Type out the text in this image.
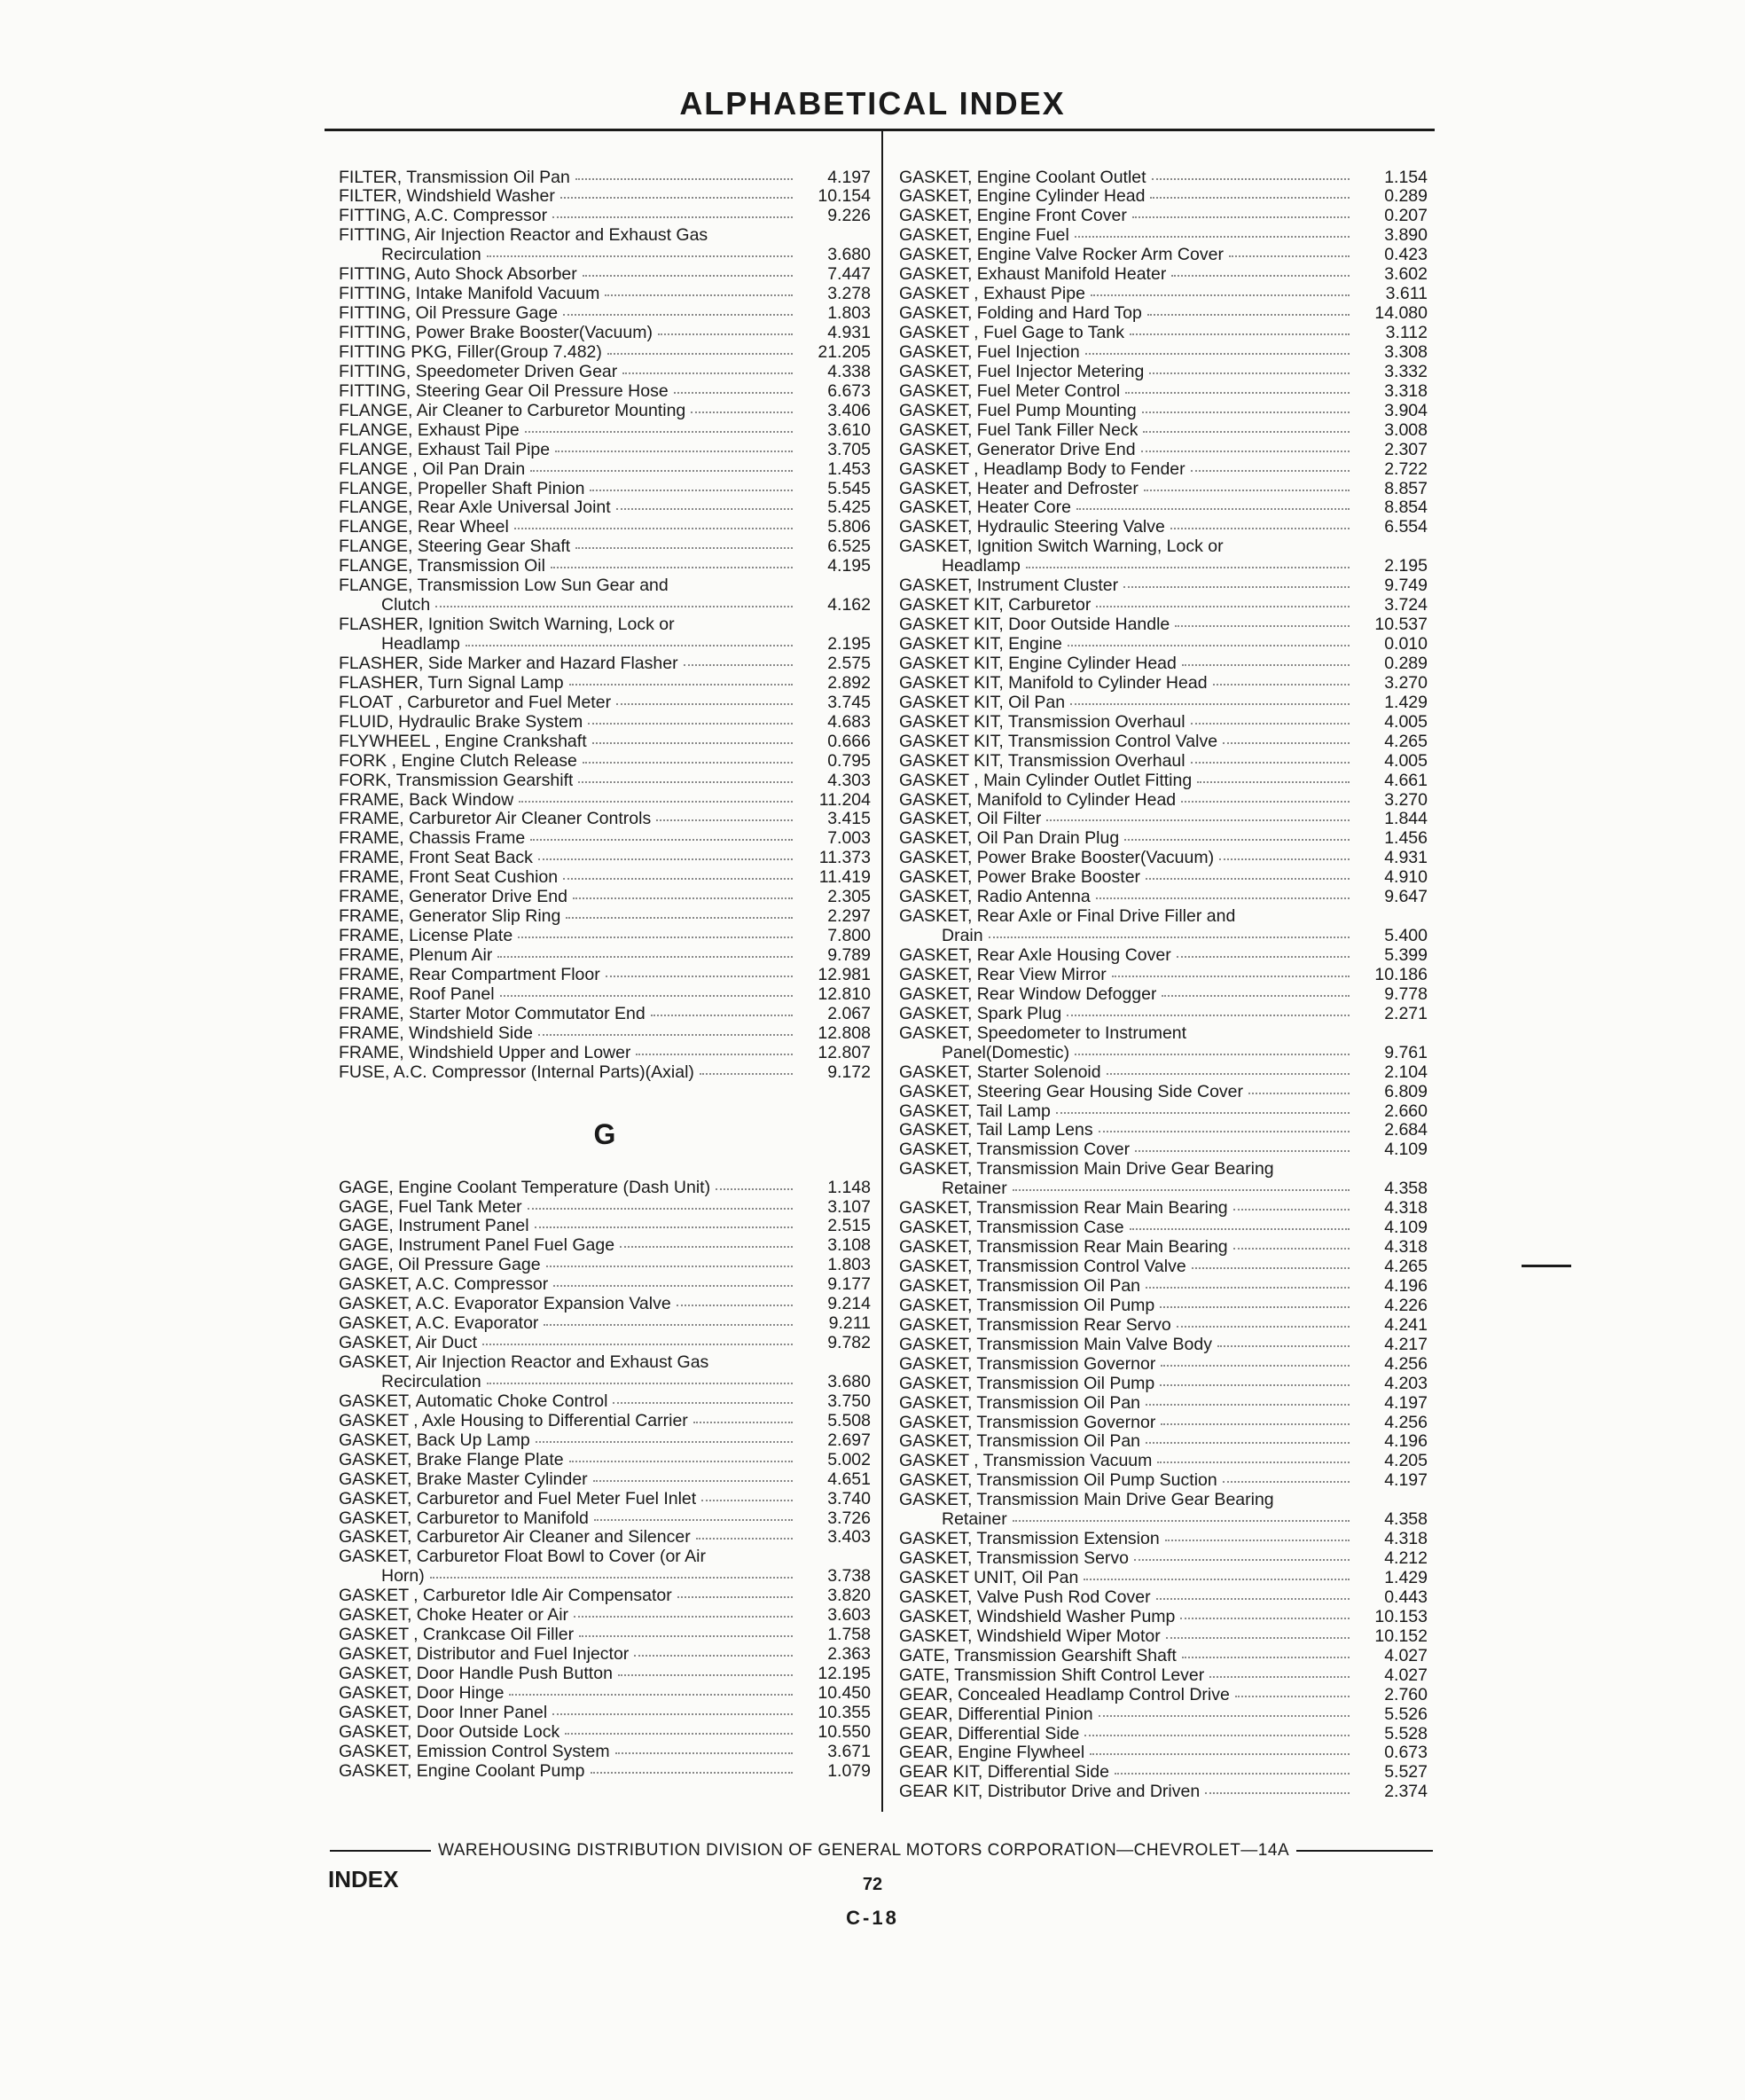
ALPHABETICAL INDEX
FILTER, Transmission Oil Pan	4.197
FILTER, Windshield Washer	10.154
FITTING, A.C. Compressor	9.226
FITTING, Air Injection Reactor and Exhaust Gas
Recirculation	3.680
FITTING, Auto Shock Absorber	7.447
FITTING, Intake Manifold Vacuum	3.278
FITTING, Oil Pressure Gage	1.803
FITTING, Power Brake Booster(Vacuum)	4.931
FITTING PKG, Filler(Group 7.482)	21.205
FITTING, Speedometer Driven Gear	4.338
FITTING, Steering Gear Oil Pressure Hose	6.673
FLANGE, Air Cleaner to Carburetor Mounting	3.406
FLANGE, Exhaust Pipe	3.610
FLANGE, Exhaust Tail Pipe	3.705
FLANGE , Oil Pan Drain	1.453
FLANGE, Propeller Shaft Pinion	5.545
FLANGE, Rear Axle Universal Joint	5.425
FLANGE, Rear Wheel	5.806
FLANGE, Steering Gear Shaft	6.525
FLANGE, Transmission Oil	4.195
FLANGE, Transmission Low Sun Gear and
Clutch	4.162
FLASHER, Ignition Switch Warning, Lock or
Headlamp	2.195
FLASHER, Side Marker and Hazard Flasher	2.575
FLASHER, Turn Signal Lamp	2.892
FLOAT , Carburetor and Fuel Meter	3.745
FLUID, Hydraulic Brake System	4.683
FLYWHEEL , Engine Crankshaft	0.666
FORK , Engine Clutch Release	0.795
FORK, Transmission Gearshift	4.303
FRAME, Back Window	11.204
FRAME, Carburetor Air Cleaner Controls	3.415
FRAME, Chassis Frame	7.003
FRAME, Front Seat Back	11.373
FRAME, Front Seat Cushion	11.419
FRAME, Generator Drive End	2.305
FRAME, Generator Slip Ring	2.297
FRAME, License Plate	7.800
FRAME, Plenum Air	9.789
FRAME, Rear Compartment Floor	12.981
FRAME, Roof Panel	12.810
FRAME, Starter Motor Commutator End	2.067
FRAME, Windshield Side	12.808
FRAME, Windshield Upper and Lower	12.807
FUSE, A.C. Compressor (Internal Parts)(Axial)	9.172
G
GAGE, Engine Coolant Temperature (Dash Unit)	1.148
GAGE, Fuel Tank Meter	3.107
GAGE, Instrument Panel	2.515
GAGE, Instrument Panel Fuel Gage	3.108
GAGE, Oil Pressure Gage	1.803
GASKET, A.C. Compressor	9.177
GASKET, A.C. Evaporator Expansion Valve	9.214
GASKET, A.C. Evaporator	9.211
GASKET, Air Duct	9.782
GASKET, Air Injection Reactor and Exhaust Gas
Recirculation	3.680
GASKET, Automatic Choke Control	3.750
GASKET , Axle Housing to Differential Carrier	5.508
GASKET, Back Up Lamp	2.697
GASKET, Brake Flange Plate	5.002
GASKET, Brake Master Cylinder	4.651
GASKET, Carburetor and Fuel Meter Fuel Inlet	3.740
GASKET, Carburetor to Manifold	3.726
GASKET, Carburetor Air Cleaner and Silencer	3.403
GASKET, Carburetor Float Bowl to Cover (or Air
Horn)	3.738
GASKET , Carburetor Idle Air Compensator	3.820
GASKET, Choke Heater or Air	3.603
GASKET , Crankcase Oil Filler	1.758
GASKET, Distributor and Fuel Injector	2.363
GASKET, Door Handle Push Button	12.195
GASKET, Door Hinge	10.450
GASKET, Door Inner Panel	10.355
GASKET, Door Outside Lock	10.550
GASKET, Emission Control System	3.671
GASKET, Engine Coolant Pump	1.079
GASKET, Engine Coolant Outlet	1.154
GASKET, Engine Cylinder Head	0.289
GASKET, Engine Front Cover	0.207
GASKET, Engine Fuel	3.890
GASKET, Engine Valve Rocker Arm Cover	0.423
GASKET, Exhaust Manifold Heater	3.602
GASKET , Exhaust Pipe	3.611
GASKET, Folding and Hard Top	14.080
GASKET , Fuel Gage to Tank	3.112
GASKET, Fuel Injection	3.308
GASKET, Fuel Injector Metering	3.332
GASKET, Fuel Meter Control	3.318
GASKET, Fuel Pump Mounting	3.904
GASKET, Fuel Tank Filler Neck	3.008
GASKET, Generator Drive End	2.307
GASKET , Headlamp Body to Fender	2.722
GASKET, Heater and Defroster	8.857
GASKET, Heater Core	8.854
GASKET, Hydraulic Steering Valve	6.554
GASKET, Ignition Switch Warning, Lock or
Headlamp	2.195
GASKET, Instrument Cluster	9.749
GASKET KIT, Carburetor	3.724
GASKET KIT, Door Outside Handle	10.537
GASKET KIT, Engine	0.010
GASKET KIT, Engine Cylinder Head	0.289
GASKET KIT, Manifold to Cylinder Head	3.270
GASKET KIT, Oil Pan	1.429
GASKET KIT, Transmission Overhaul	4.005
GASKET KIT, Transmission Control Valve	4.265
GASKET KIT, Transmission Overhaul	4.005
GASKET , Main Cylinder Outlet Fitting	4.661
GASKET, Manifold to Cylinder Head	3.270
GASKET, Oil Filter	1.844
GASKET, Oil Pan Drain Plug	1.456
GASKET, Power Brake Booster(Vacuum)	4.931
GASKET, Power Brake Booster	4.910
GASKET, Radio Antenna	9.647
GASKET, Rear Axle or Final Drive Filler and
Drain	5.400
GASKET, Rear Axle Housing Cover	5.399
GASKET, Rear View Mirror	10.186
GASKET, Rear Window Defogger	9.778
GASKET, Spark Plug	2.271
GASKET, Speedometer to Instrument
Panel(Domestic)	9.761
GASKET, Starter Solenoid	2.104
GASKET, Steering Gear Housing Side Cover	6.809
GASKET, Tail Lamp	2.660
GASKET, Tail Lamp Lens	2.684
GASKET, Transmission Cover	4.109
GASKET, Transmission Main Drive Gear Bearing
Retainer	4.358
GASKET, Transmission Rear Main Bearing	4.318
GASKET, Transmission Case	4.109
GASKET, Transmission Rear Main Bearing	4.318
GASKET, Transmission Control Valve	4.265
GASKET, Transmission Oil Pan	4.196
GASKET, Transmission Oil Pump	4.226
GASKET, Transmission Rear Servo	4.241
GASKET, Transmission Main Valve Body	4.217
GASKET, Transmission Governor	4.256
GASKET, Transmission Oil Pump	4.203
GASKET, Transmission Oil Pan	4.197
GASKET, Transmission Governor	4.256
GASKET, Transmission Oil Pan	4.196
GASKET , Transmission Vacuum	4.205
GASKET, Transmission Oil Pump Suction	4.197
GASKET, Transmission Main Drive Gear Bearing
Retainer	4.358
GASKET, Transmission Extension	4.318
GASKET, Transmission Servo	4.212
GASKET UNIT, Oil Pan	1.429
GASKET, Valve Push Rod Cover	0.443
GASKET, Windshield Washer Pump	10.153
GASKET, Windshield Wiper Motor	10.152
GATE, Transmission Gearshift Shaft	4.027
GATE, Transmission Shift Control Lever	4.027
GEAR, Concealed Headlamp Control Drive	2.760
GEAR, Differential Pinion	5.526
GEAR, Differential Side	5.528
GEAR, Engine Flywheel	0.673
GEAR KIT, Differential Side	5.527
GEAR KIT, Distributor Drive and Driven	2.374
WAREHOUSING DISTRIBUTION DIVISION OF GENERAL MOTORS CORPORATION—CHEVROLET—14A
INDEX	72
C-18
